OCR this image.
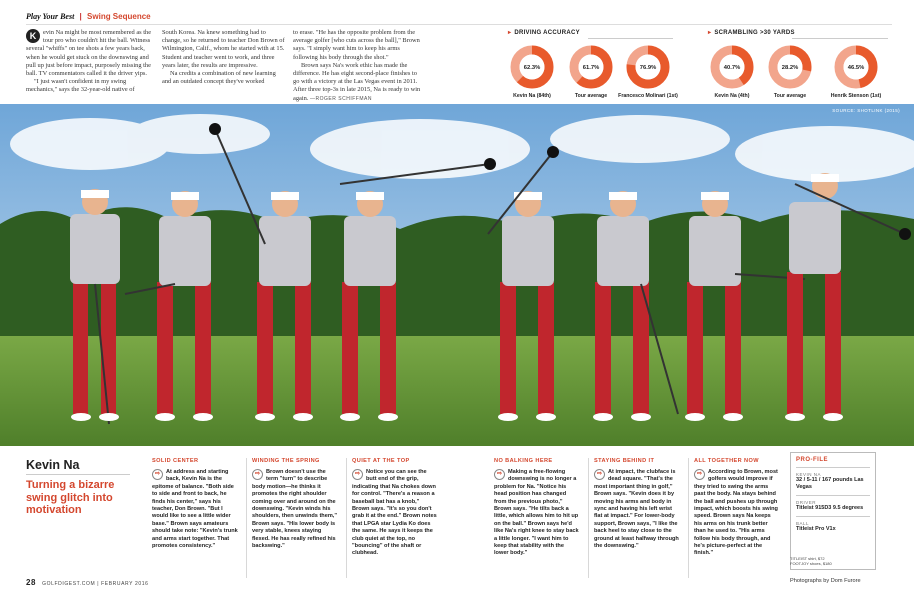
Play Your Best | Swing Sequence

K	evin Na might be most remembered as the tour pro who couldn't hit the ball. Witness several "whiffs" on tee shots a few years back, when he would get stuck on the downswing and pull up just before impact, purposely missing the ball. TV commentators called it the driver yips.

"I just wasn't confident in my swing mechanics," says the 32-year-old native of

South Korea. Na knew something had to change, so he returned to teacher Don Brown of Wilmington, Calif., whom he started with at 15. Student and teacher went to work, and three years later, the results are impressive.

Na credits a combination of new learning and an outdated concept they've worked

to erase. "He has the opposite problem from the average golfer [who cuts across the ball]," Brown says. "I simply want him to keep his arms following his body through the shot."

Brown says Na's work ethic has made the difference. He has eight second-place finishes to go with a victory at the Las Vegas event in 2011. After three top-3s in late 2015, Na is ready to win again. —ROGER SCHIFFMAN

▸ DRIVING ACCURACY
62.3%
Kevin Na (84th)
61.7%
Tour average
76.9%
Francesco Molinari (1st)
▸ SCRAMBLING >30 YARDS
40.7%
Kevin Na (4th)
28.2%
Tour average
46.5%
Henrik Stenson (1st)
SOURCE: SHOTLINK (2015)
Kevin Na
Turning a bizarre swing glitch into motivation
SOLID CENTER
⇨	At address and starting back, Kevin Na is the epitome of balance. "Both side to side and front to back, he finds his center," says his teacher, Don Brown. "But I would like to see a little wider base." Brown says amateurs should take note: "Kevin's trunk and arms start together. That promotes consistency."
WINDING THE SPRING
⇨	Brown doesn't use the term "turn" to describe body motion—he thinks it promotes the right shoulder coming over and around on the downswing. "Kevin winds his shoulders, then unwinds them," Brown says. "His lower body is very stable, knees staying flexed. He has really refined his backswing."
QUIET AT THE TOP
⇨	Notice you can see the butt end of the grip, indicating that Na chokes down for control. "There's a reason a baseball bat has a knob," Brown says. "It's so you don't grab it at the end." Brown notes that LPGA star Lydia Ko does the same. He says it keeps the club quiet at the top, no "bouncing" of the shaft or clubhead.
NO BALKING HERE
⇨	Making a free-flowing downswing is no longer a problem for Na. "Notice his head position has changed from the previous photo," Brown says. "He tilts back a little, which allows him to hit up on the ball." Brown says he'd like Na's right knee to stay back a little longer. "I want him to keep that stability with the lower body."
STAYING BEHIND IT
⇨	At impact, the clubface is dead square. "That's the most important thing in golf," Brown says. "Kevin does it by moving his arms and body in sync and having his left wrist flat at impact." For lower-body support, Brown says, "I like the back heel to stay close to the ground at least halfway through the downswing."
ALL TOGETHER NOW
⇨	According to Brown, most golfers would improve if they tried to swing the arms past the body. Na stays behind the ball and pushes up through impact, which boosts his swing speed. Brown says Na keeps his arms on his trunk better than he used to. "His arms follow his body through, and he's picture-perfect at the finish."
PRO-FILE
KEVIN NA
32 / 5-11 / 167 pounds Las Vegas
DRIVER
Titleist 915D3 9.5 degrees
BALL
Titleist Pro V1x
TITLEIST shirt, $72
FOOTJOY shoes, $180
28 GOLFDIGEST.COM | FEBRUARY 2016	Photographs by Dom Furore
